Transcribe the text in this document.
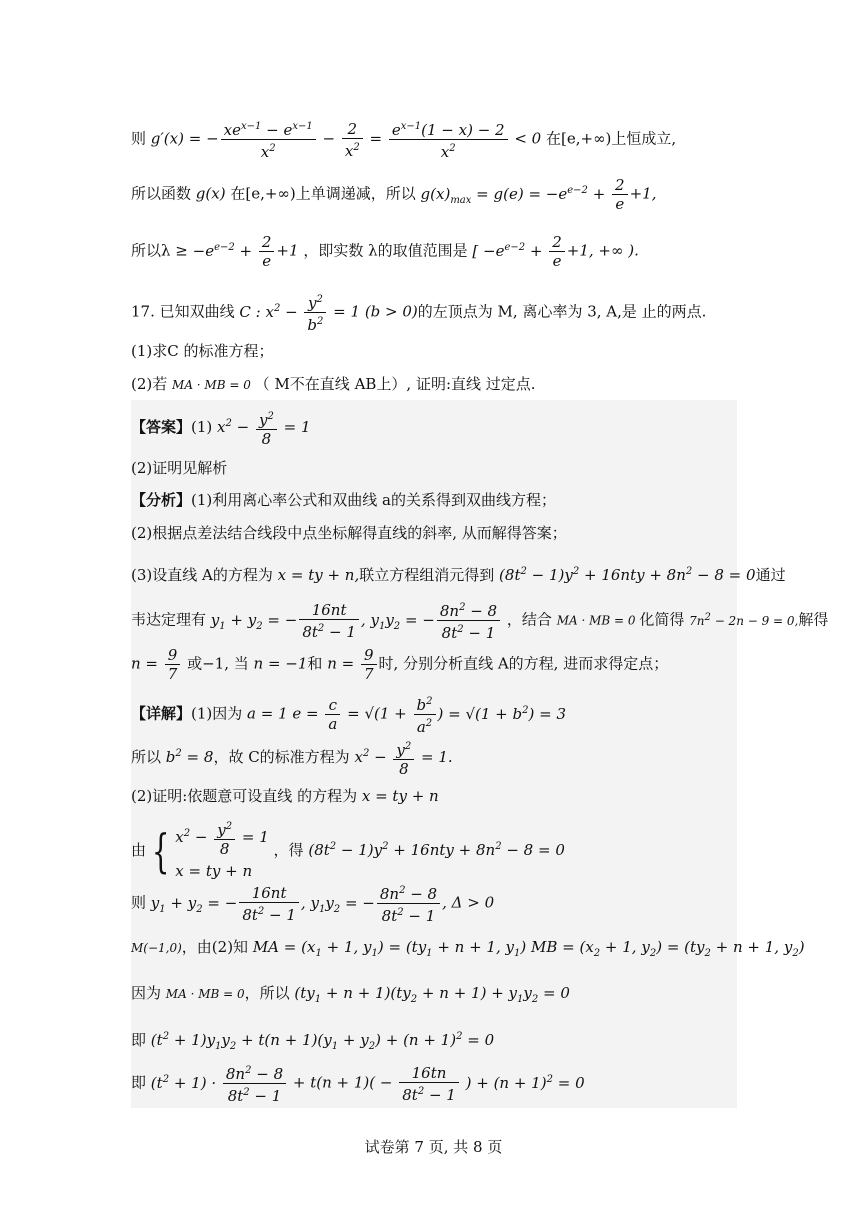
则 g′(x) = − $\frac{xe^{x-1} - e^{x-1}}{x^2} - \frac{2}{x^2} = \frac{e^{x-1}(1 - x) - 2}{x^2} < 0$ 在[e,+∞)上恒成立,
所以函数 g(x) 在[e,+∞)上单调递减，所以 $g(x)_{max} = g(e) = -e^{e-2} + \frac{2}{e} +1$,
所以$\lambda \ge -e^{e-2} + \frac{2}{e} +1$ ，即实数 λ的取值范围是 [ $-e^{e-2} + \frac{2}{e} +1$, +∞ ).
17. 已知双曲线 C : $x^2 - \frac{y^2}{b^2} = 1$ (b > 0)的左顶点为 M, 离心率为 3, A,是 止的两点.
(1)求C 的标准方程；
(2)若 MA · MB = 0 （ M不在直线 AB上）, 证明:直线 过定点.
【答案】(1) $x^2 - \frac{y^2}{8} = 1$
(2)证明见解析
【分析】(1)利用离心率公式和双曲线 a的关系得到双曲线方程；
(2)根据点差法结合线段中点坐标解得直线的斜率, 从而解得答案；
(3)设直线 A的方程为 x = ty + n,联立方程组消元得到 $(8t^2 - 1)y^2 + 16nty + 8n^2 - 8 = 0$通过
韦达定理有 $y_1 + y_2$ = − $\frac{16nt}{8t^2 - 1}$ , $y_1y_2$ = − $\frac{8n^2 - 8}{8t^2 - 1}$ ，结合 MA · MB = 0 化简得 $7n^2 - 2n - 9 = 0$,解得
$n = \frac{9}{7}$ 或−1, 当 n = −1和 $n = \frac{9}{7}$ 时, 分别分析直线 A的方程, 进而求得定点；
【详解】(1)因为 a = 1 $e = \frac{c}{a} = √(1 + \frac{b^2}{a^2}$ ) = $√(1 + b^2) = 3$
所以 $b^2 = 8$，故 C的标准方程为 $x^2 - \frac{y^2}{8} = 1$.
(2)证明:依题意可设直线 的方程为 x = ty + n
由 { $x^2 - \frac{y^2}{8} = 1$
x = ty + n
，得 $(8t^2 - 1)y^2 + 16nty + 8n^2 - 8 = 0$
则 $y_1 + y_2$ = − $\frac{16nt}{8t^2 - 1}$ , $y_1y_2$ = − $\frac{8n^2 - 8}{8t^2 - 1}$ , Δ > 0
M(−1,0)，由(2)知 MA = ($x_1 + 1$, $y_1) = (ty_1 + n + 1$, $y_1$) MB = ($x_2 + 1$, $y_2) = (ty_2 + n + 1$, $y_2$)
因为 MA · MB = 0，所以 $(ty_1 + n + 1)(ty_2 + n + 1) + y_1y_2 = 0$
即 $(t^2 + 1)y_1y_2 + t(n + 1)(y_1 + y_2) + (n + 1)^2 = 0$
即 $(t^2 + 1) \cdot \frac{8n^2 - 8}{8t^2 - 1} + t(n + 1)( - \frac{16tn}{8t^2 - 1}$ ) + $(n + 1)^2 = 0$
试卷第 7 页, 共 8 页
